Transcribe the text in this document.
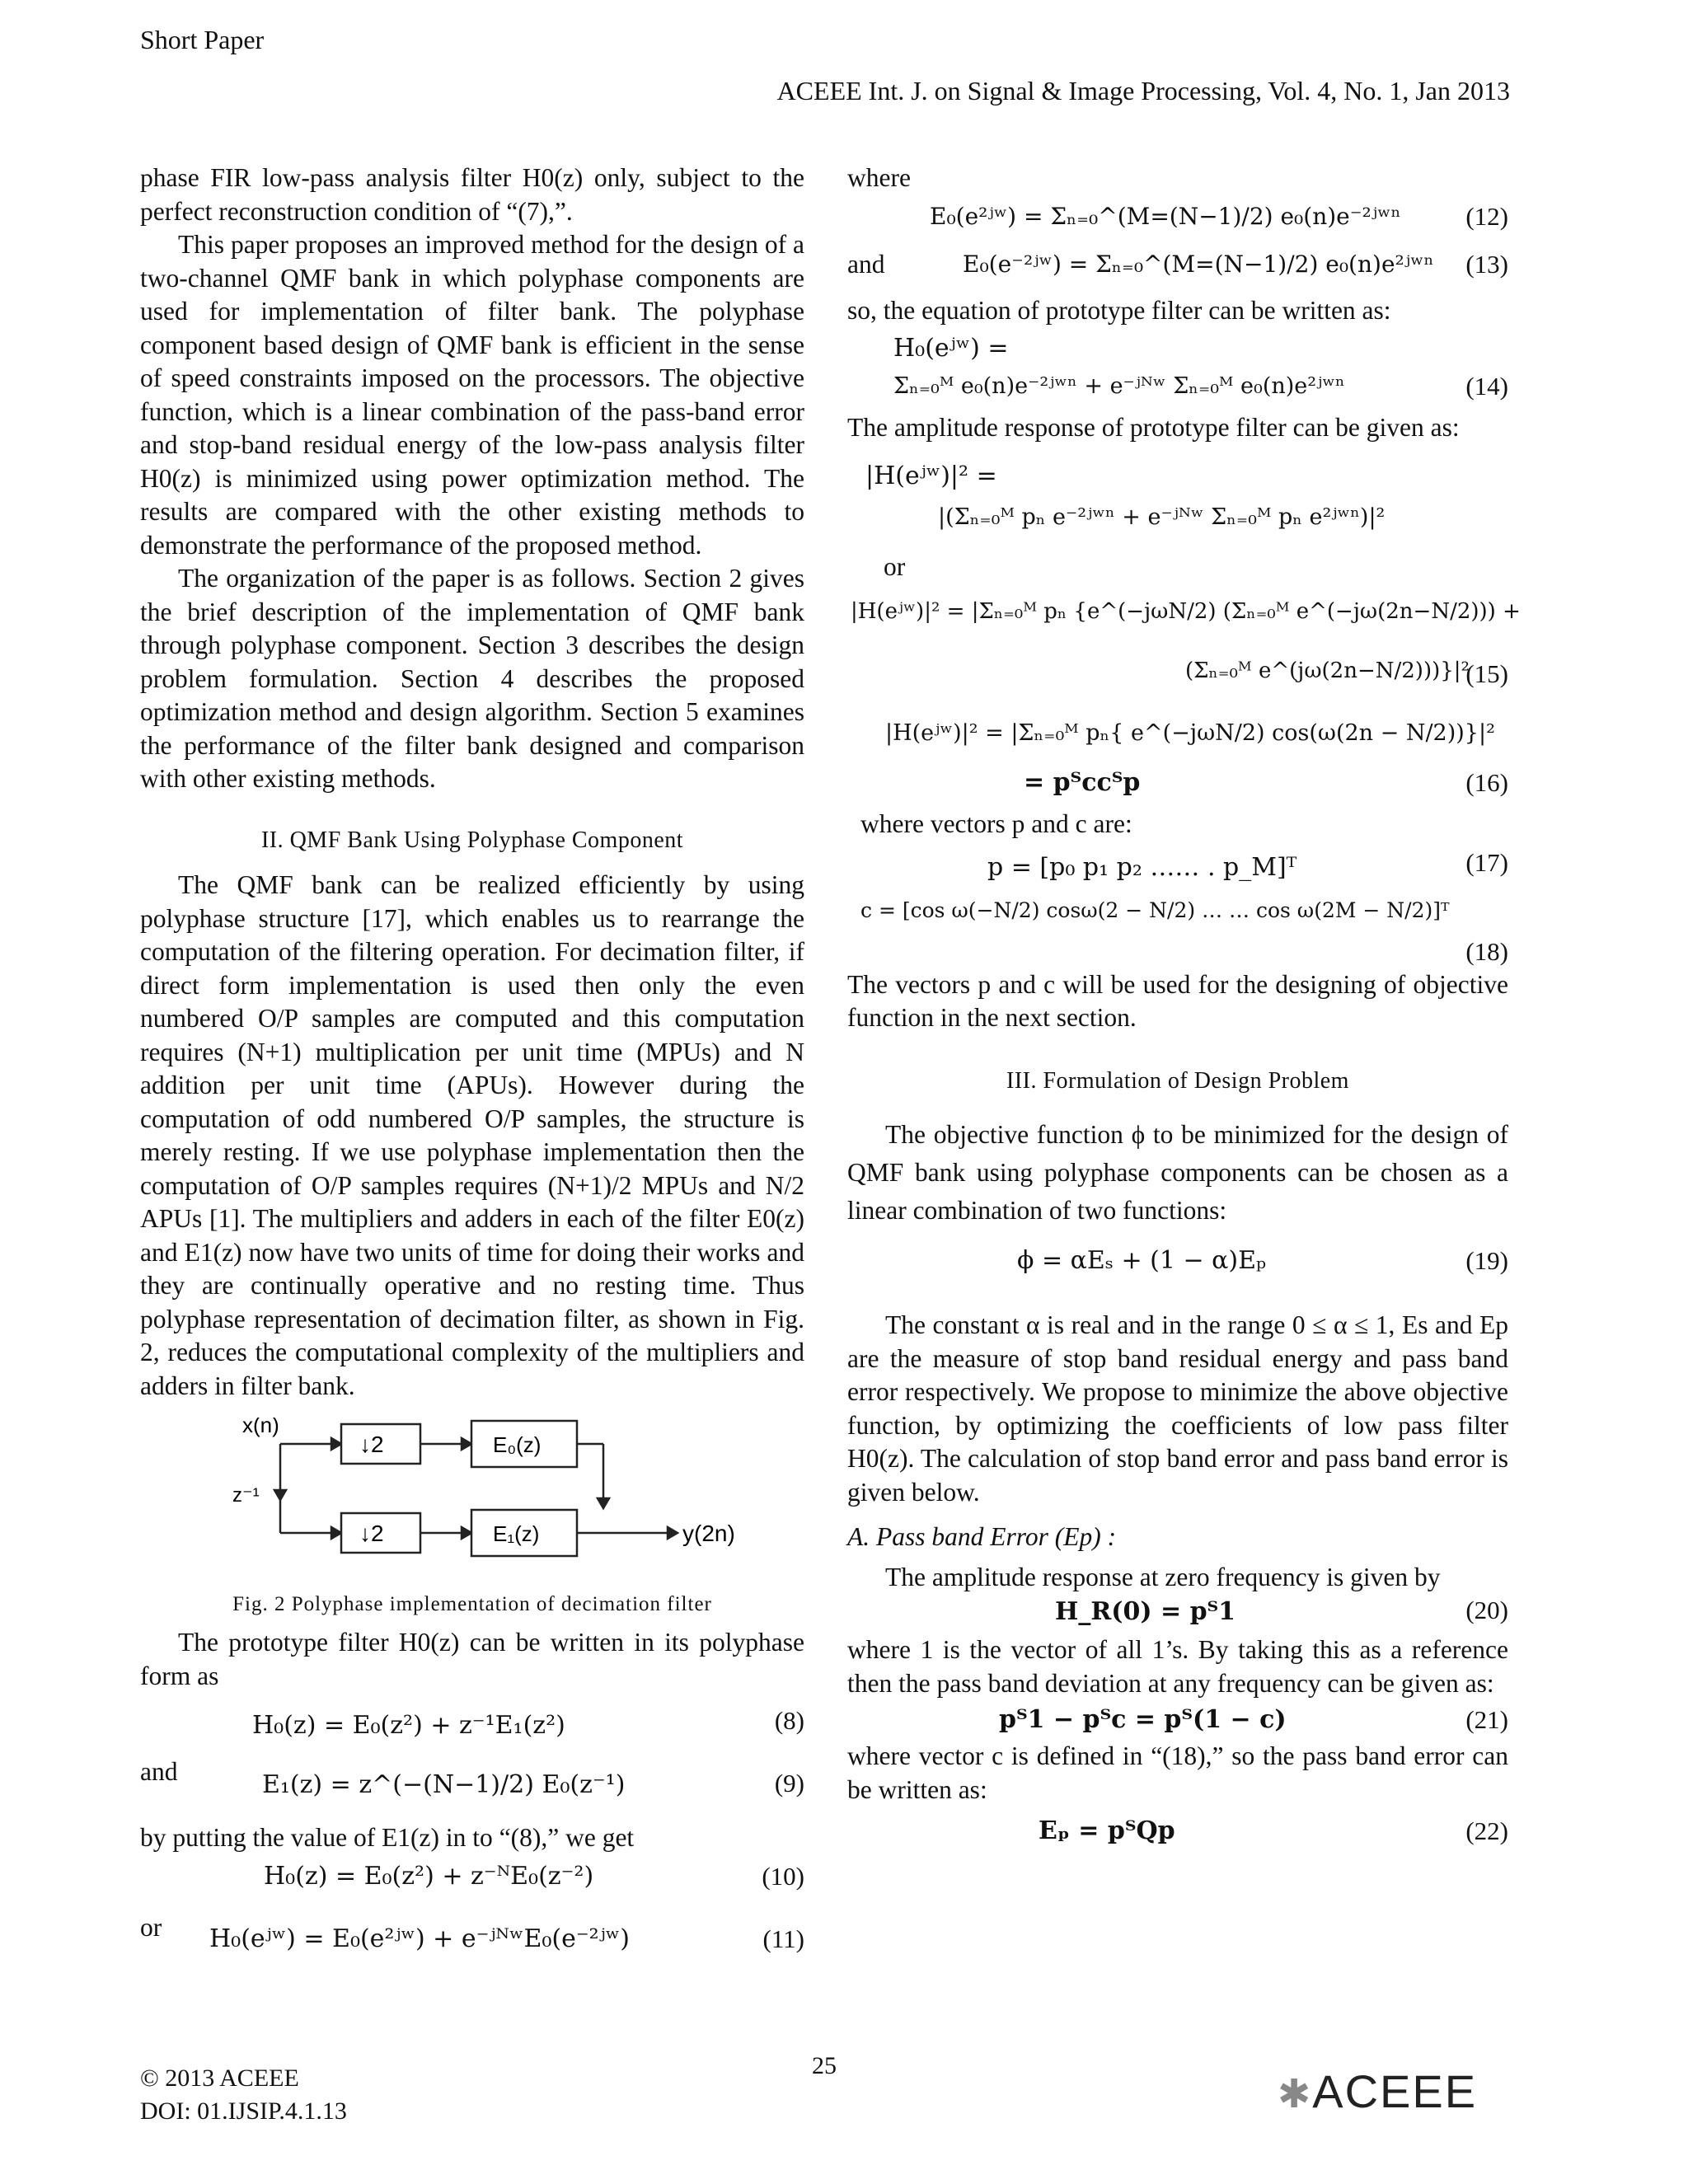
Short Paper
ACEEE Int. J. on Signal & Image Processing, Vol. 4, No. 1, Jan 2013

phase FIR low-pass analysis filter H0(z) only, subject to the perfect reconstruction condition of “(7),”.

This paper proposes an improved method for the design of a two-channel QMF bank in which polyphase components are used for implementation of filter bank. The polyphase component based design of QMF bank is efficient in the sense of speed constraints imposed on the processors. The objective function, which is a linear combination of the pass-band error and stop-band residual energy of the low-pass analysis filter H0(z) is minimized using power optimization method. The results are compared with the other existing methods to demonstrate the performance of the proposed method.

The organization of the paper is as follows. Section 2 gives the brief description of the implementation of QMF bank through polyphase component. Section 3 describes the design problem formulation. Section 4 describes the proposed optimization method and design algorithm. Section 5 examines the performance of the filter bank designed and comparison with other existing methods.

II. QMF Bank Using Polyphase Component

The QMF bank can be realized efficiently by using polyphase structure [17], which enables us to rearrange the computation of the filtering operation. For decimation filter, if direct form implementation is used then only the even numbered O/P samples are computed and this computation requires (N+1) multiplication per unit time (MPUs) and N addition per unit time (APUs). However during the computation of odd numbered O/P samples, the structure is merely resting. If we use polyphase implementation then the computation of O/P samples requires (N+1)/2 MPUs and N/2 APUs [1]. The multipliers and adders in each of the filter E0(z) and E1(z) now have two units of time for doing their works and they are continually operative and no resting time. Thus polyphase representation of decimation filter, as shown in Fig. 2, reduces the computational complexity of the multipliers and adders in filter bank.

x(n)
z⁻¹
↓2
↓2
E₀(z)
E₁(z)	y(2n)
Fig. 2 Polyphase implementation of decimation filter

The prototype filter H0(z) can be written in its polyphase form as

H₀(z) = E₀(z²) + z⁻¹E₁(z²)	(8)
and	E₁(z) = z^(−(N−1)/2) E₀(z⁻¹)	(9)

by putting the value of E1(z) in to “(8),” we get

H₀(z) = E₀(z²) + z⁻ᴺE₀(z⁻²)	(10)
or H₀(eʲʷ) = E₀(e²ʲʷ) + e⁻ʲᴺʷE₀(e⁻²ʲʷ)	(11)

where

E₀(e²ʲʷ) = Σₙ₌₀^(M=(N−1)/2) e₀(n)e⁻²ʲʷⁿ	(12)
and	E₀(e⁻²ʲʷ) = Σₙ₌₀^(M=(N−1)/2) e₀(n)e²ʲʷⁿ (13)

so, the equation of prototype filter can be written as:

H₀(eʲʷ) =
Σₙ₌₀ᴹ e₀(n)e⁻²ʲʷⁿ + e⁻ʲᴺʷ Σₙ₌₀ᴹ e₀(n)e²ʲʷⁿ	(14)

The amplitude response of prototype filter can be given as:

|H(eʲʷ)|² =
|(Σₙ₌₀ᴹ pₙ e⁻²ʲʷⁿ + e⁻ʲᴺʷ Σₙ₌₀ᴹ pₙ e²ʲʷⁿ)|²

or

|H(eʲʷ)|² = |Σₙ₌₀ᴹ pₙ {e^(−jωN/2) (Σₙ₌₀ᴹ e^(−jω(2n−N/2))) +
(Σₙ₌₀ᴹ e^(jω(2n−N/2)))}|²
(15)
|H(eʲʷ)|² = |Σₙ₌₀ᴹ pₙ{ e^(−jωN/2) cos(ω(2n − N/2))}|²
= pᵀccᵀp	(16)

where vectors p and c are:

p = [p₀ p₁ p₂ …… . p_M]ᵀ	(17)
c = [cos ω(−N/2) cosω(2 − N/2) … … cos ω(2M − N/2)]ᵀ
(18)

The vectors p and c will be used for the designing of objective function in the next section.

III. Formulation of Design Problem

The objective function ϕ to be minimized for the design of QMF bank using polyphase components can be chosen as a linear combination of two functions:

ϕ = αEₛ + (1 − α)Eₚ	(19)

The constant α is real and in the range 0 ≤ α ≤ 1, Es and Ep are the measure of stop band residual energy and pass band error respectively. We propose to minimize the above objective function, by optimizing the coefficients of low pass filter H0(z). The calculation of stop band error and pass band error is given below.

A. Pass band Error (Ep) :

The amplitude response at zero frequency is given by

H_R(0) = pᵀ1	(20)

where 1 is the vector of all 1’s. By taking this as a reference then the pass band deviation at any frequency can be given as:

pᵀ1 − pᵀc = pᵀ(1 − c)	(21)

where vector c is defined in “(18),” so the pass band error can be written as:

Eₚ = pᵀQp	(22)
© 2013 ACEEE
DOI: 01.IJSIP.4.1.13
25
✱ACEEE
